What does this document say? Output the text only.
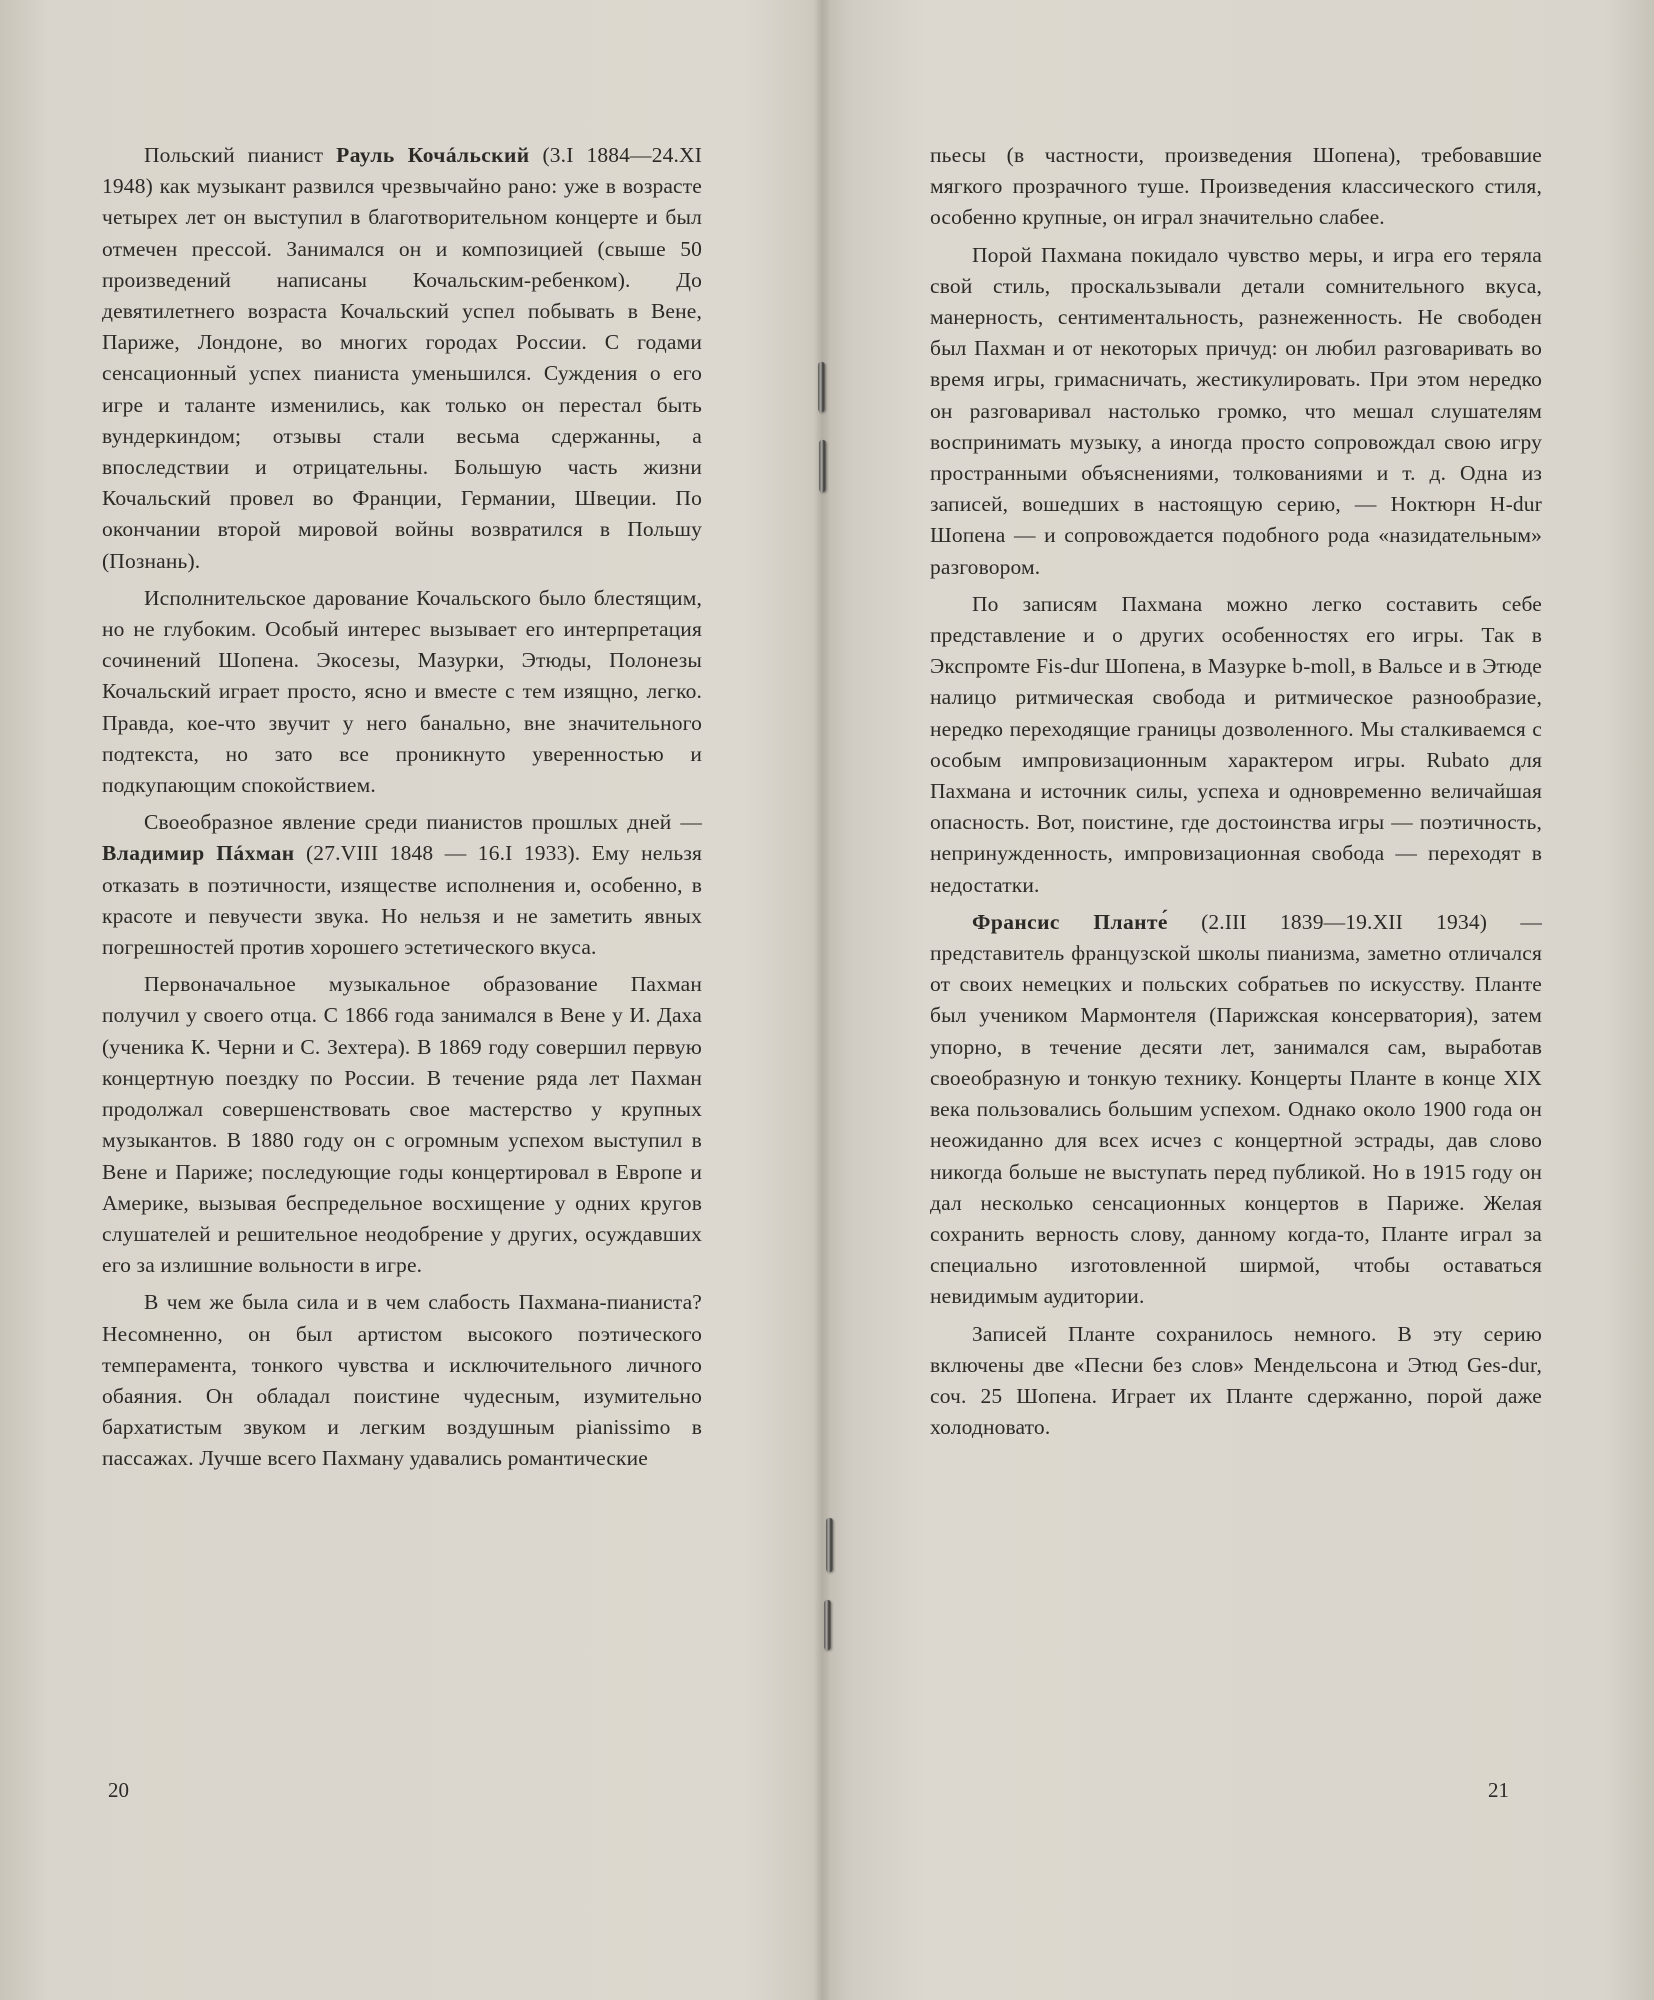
Польский пианист Рауль Кочáльский (3.I 1884—24.XI 1948) как музыкант развился чрезвычайно рано: уже в возрасте четырех лет он выступил в благотворительном концерте и был отмечен прессой. Занимался он и композицией (свыше 50 произведений написаны Кочальским-ребенком). До девятилетнего возраста Кочальский успел побывать в Вене, Париже, Лондоне, во многих городах России. С годами сенсационный успех пианиста уменьшился. Суждения о его игре и таланте изменились, как только он перестал быть вундеркиндом; отзывы стали весьма сдержанны, а впоследствии и отрицательны. Большую часть жизни Кочальский провел во Франции, Германии, Швеции. По окончании второй мировой войны возвратился в Польшу (Познань).

Исполнительское дарование Кочальского было блестящим, но не глубоким. Особый интерес вызывает его интерпретация сочинений Шопена. Экосезы, Мазурки, Этюды, Полонезы Кочальский играет просто, ясно и вместе с тем изящно, легко. Правда, кое-что звучит у него банально, вне значительного подтекста, но зато все проникнуто уверенностью и подкупающим спокойствием.

Своеобразное явление среди пианистов прошлых дней — Владимир Пáхман (27.VIII 1848 — 16.I 1933). Ему нельзя отказать в поэтичности, изяществе исполнения и, особенно, в красоте и певучести звука. Но нельзя и не заметить явных погрешностей против хорошего эстетического вкуса.

Первоначальное музыкальное образование Пахман получил у своего отца. С 1866 года занимался в Вене у И. Даха (ученика К. Черни и С. Зехтера). В 1869 году совершил первую концертную поездку по России. В течение ряда лет Пахман продолжал совершенствовать свое мастерство у крупных музыкантов. В 1880 году он с огромным успехом выступил в Вене и Париже; последующие годы концертировал в Европе и Америке, вызывая беспредельное восхищение у одних кругов слушателей и решительное неодобрение у других, осуждавших его за излишние вольности в игре.

В чем же была сила и в чем слабость Пахмана-пианиста? Несомненно, он был артистом высокого поэтического темперамента, тонкого чувства и исключительного личного обаяния. Он обладал поистине чудесным, изумительно бархатистым звуком и легким воздушным pianissimo в пассажах. Лучше всего Пахману удавались романтические

20

пьесы (в частности, произведения Шопена), требовавшие мягкого прозрачного туше. Произведения классического стиля, особенно крупные, он играл значительно слабее.

Порой Пахмана покидало чувство меры, и игра его теряла свой стиль, проскальзывали детали сомнительного вкуса, манерность, сентиментальность, разнеженность. Не свободен был Пахман и от некоторых причуд: он любил разговаривать во время игры, гримасничать, жестикулировать. При этом нередко он разговаривал настолько громко, что мешал слушателям воспринимать музыку, а иногда просто сопровождал свою игру пространными объяснениями, толкованиями и т. д. Одна из записей, вошедших в настоящую серию, — Ноктюрн H-dur Шопена — и сопровождается подобного рода «назидательным» разговором.

По записям Пахмана можно легко составить себе представление и о других особенностях его игры. Так в Экспромте Fis-dur Шопена, в Мазурке b-moll, в Вальсе и в Этюде налицо ритмическая свобода и ритмическое разнообразие, нередко переходящие границы дозволенного. Мы сталкиваемся с особым импровизационным характером игры. Rubato для Пахмана и источник силы, успеха и одновременно величайшая опасность. Вот, поистине, где достоинства игры — поэтичность, непринужденность, импровизационная свобода — переходят в недостатки.

Франсис Планте́ (2.III 1839—19.XII 1934) — представитель французской школы пианизма, заметно отличался от своих немецких и польских собратьев по искусству. Планте был учеником Мармонтеля (Парижская консерватория), затем упорно, в течение десяти лет, занимался сам, выработав своеобразную и тонкую технику. Концерты Планте в конце XIX века пользовались большим успехом. Однако около 1900 года он неожиданно для всех исчез с концертной эстрады, дав слово никогда больше не выступать перед публикой. Но в 1915 году он дал несколько сенсационных концертов в Париже. Желая сохранить верность слову, данному когда-то, Планте играл за специально изготовленной ширмой, чтобы оставаться невидимым аудитории.

Записей Планте сохранилось немного. В эту серию включены две «Песни без слов» Мендельсона и Этюд Ges-dur, соч. 25 Шопена. Играет их Планте сдержанно, порой даже холодновато.

21
